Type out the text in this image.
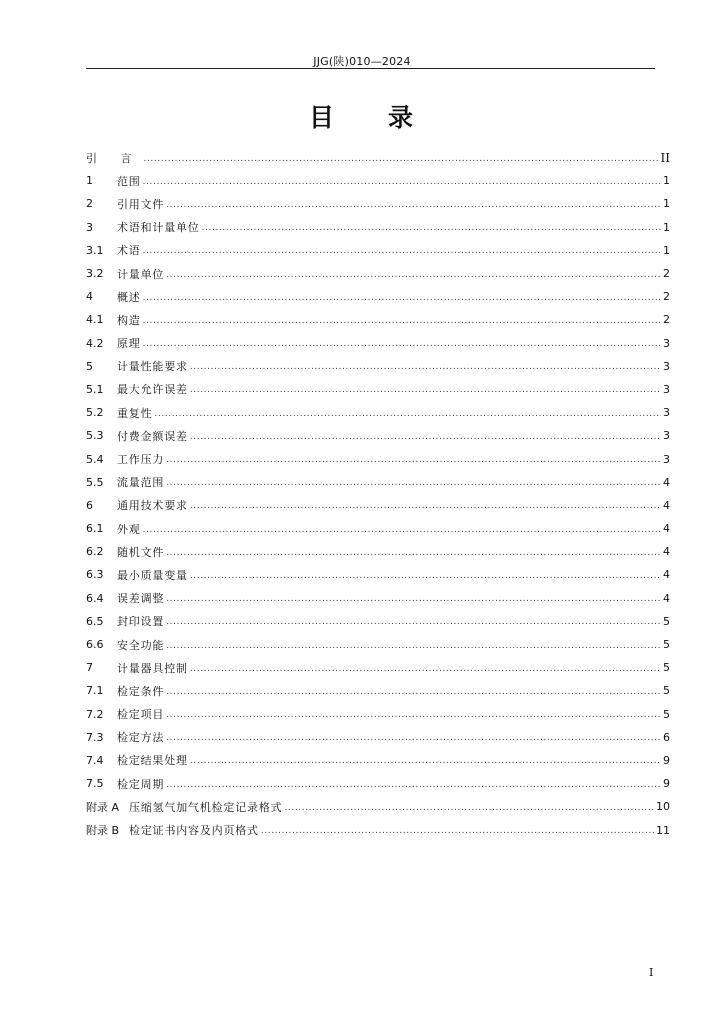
JJG(陕)010—2024
目 录
引 言 .....	II
1	范围 .....	1
2	引用文件 .....	1
3	术语和计量单位 .....	1
3.1	术语 .....	1
3.2	计量单位 .....	2
4	概述 .....	2
4.1	构造 .....	2
4.2	原理 .....	3
5	计量性能要求 .....	3
5.1	最大允许误差 .....	3
5.2	重复性 .....	3
5.3	付费金额误差 .....	3
5.4	工作压力 .....	3
5.5	流量范围 .....	4
6	通用技术要求 .....	4
6.1	外观 .....	4
6.2	随机文件 .....	4
6.3	最小质量变量 .....	4
6.4	误差调整 .....	4
6.5	封印设置 .....	5
6.6	安全功能 .....	5
7	计量器具控制 .....	5
7.1	检定条件 .....	5
7.2	检定项目 .....	5
7.3	检定方法 .....	6
7.4	检定结果处理 .....	9
7.5	检定周期 .....	9
附录 A 压缩氢气加气机检定记录格式 .....	10
附录 B 检定证书内容及内页格式 .....	11
I
